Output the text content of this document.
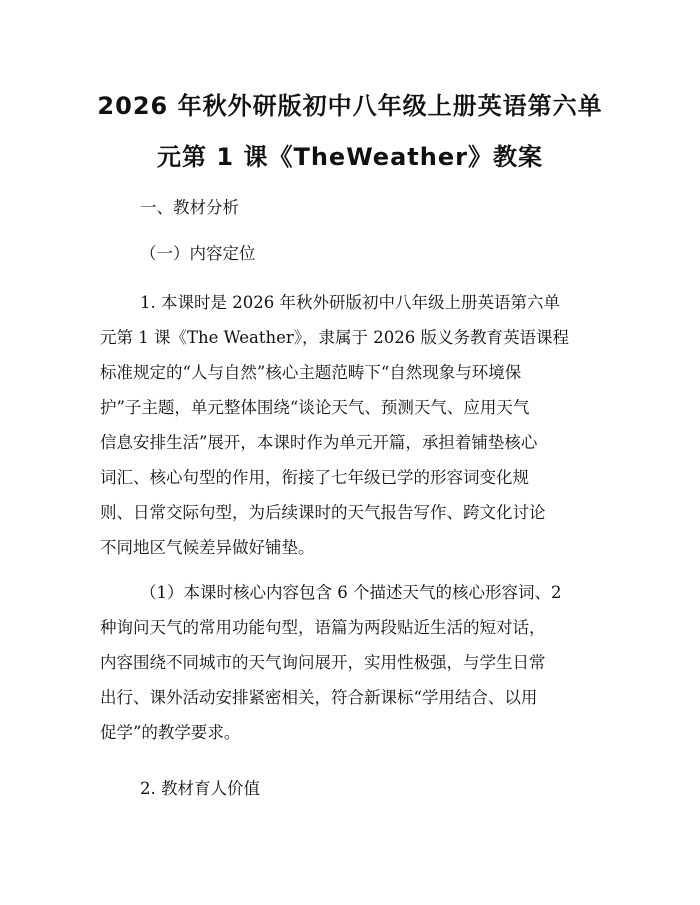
2026 年秋外研版初中八年级上册英语第六单
元第 1 课《TheWeather》教案
一、教材分析
（一）内容定位
1. 本课时是 2026 年秋外研版初中八年级上册英语第六单
元第 1 课《The Weather》，隶属于 2026 版义务教育英语课程
标准规定的“人与自然”核心主题范畴下“自然现象与环境保
护”子主题，单元整体围绕“谈论天气、预测天气、应用天气
信息安排生活”展开，本课时作为单元开篇，承担着铺垫核心
词汇、核心句型的作用，衔接了七年级已学的形容词变化规
则、日常交际句型，为后续课时的天气报告写作、跨文化讨论
不同地区气候差异做好铺垫。
（1）本课时核心内容包含 6 个描述天气的核心形容词、2
种询问天气的常用功能句型，语篇为两段贴近生活的短对话，
内容围绕不同城市的天气询问展开，实用性极强，与学生日常
出行、课外活动安排紧密相关，符合新课标“学用结合、以用
促学”的教学要求。
2. 教材育人价值
